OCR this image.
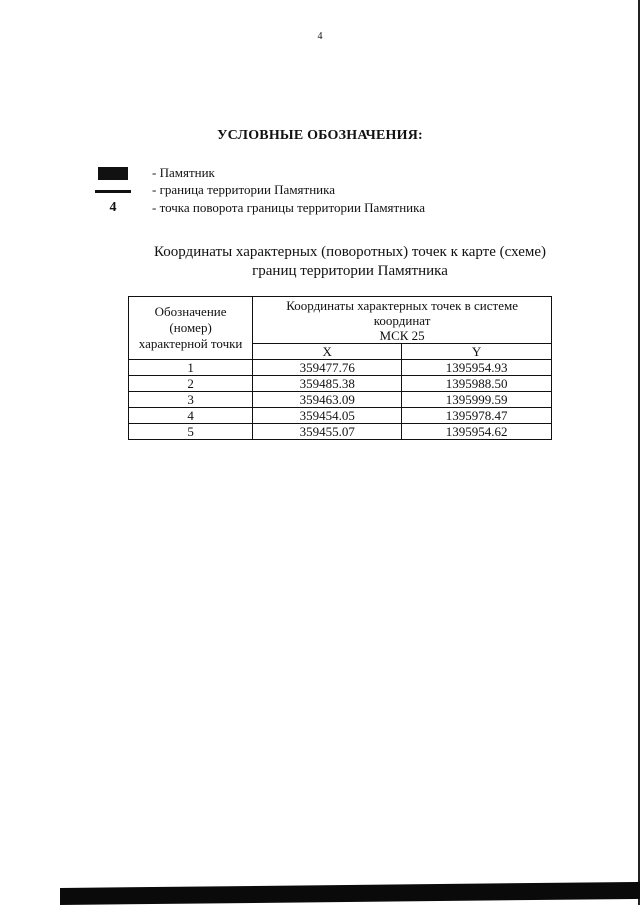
4
УСЛОВНЫЕ ОБОЗНАЧЕНИЯ:
- Памятник
- граница территории Памятника
4	- точка поворота границы территории Памятника
Координаты характерных (поворотных) точек к карте (схеме)
границ территории Памятника
Обозначение (номер) характерной точки	Координаты характерных точек в системе
координат
МСК 25	

	X	Y
1	359477.76	1395954.93
2	359485.38	1395988.50
3	359463.09	1395999.59
4	359454.05	1395978.47
5	359455.07	1395954.62
